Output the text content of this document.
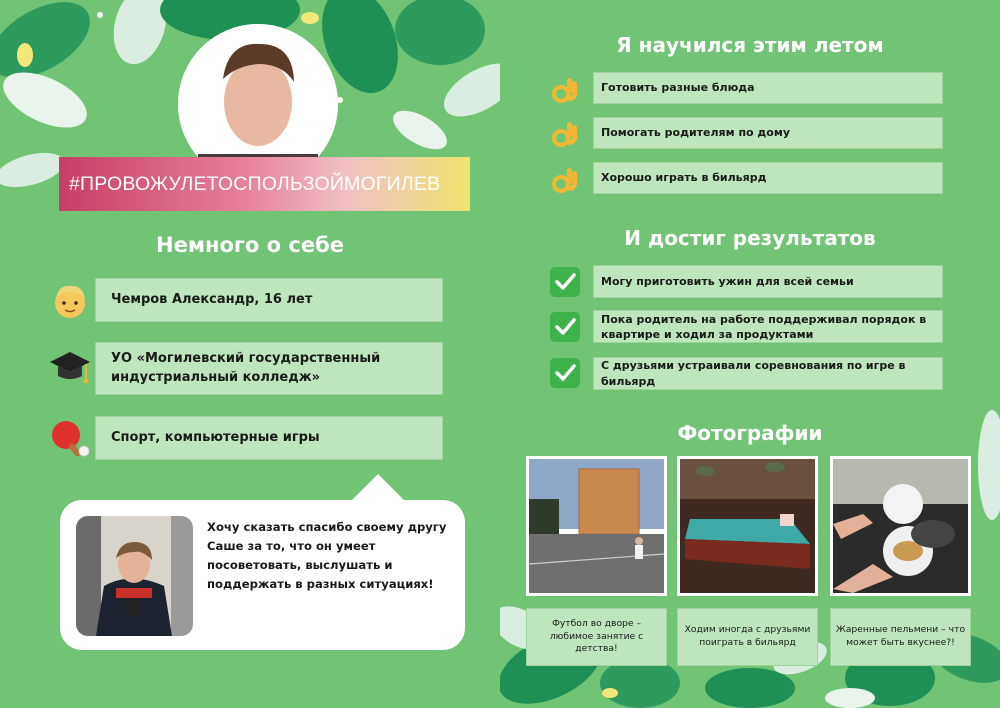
#ПРОВОЖУЛЕТОСПОЛЬЗОЙМОГИЛЕВ
Немного о себе
Чемров Александр, 16 лет
УО «Могилевский государственный индустриальный колледж»
Спорт, компьютерные игры
Хочу сказать спасибо своему другу Саше за то, что он умеет посоветовать, выслушать и поддержать в разных ситуациях!
Я научился этим летом
Готовить разные блюда
Помогать родителям по дому
Хорошо играть в бильярд
И достиг результатов
Могу приготовить ужин для всей семьи
Пока родитель на работе поддерживал порядок в квартире и ходил за продуктами
С друзьями устраивали соревнования по игре в бильярд
Фотографии
Футбол во дворе – любимое занятие с детства!
Ходим иногда с друзьями поиграть в бильярд
Жаренные пельмени – что может быть вкуснее?!
